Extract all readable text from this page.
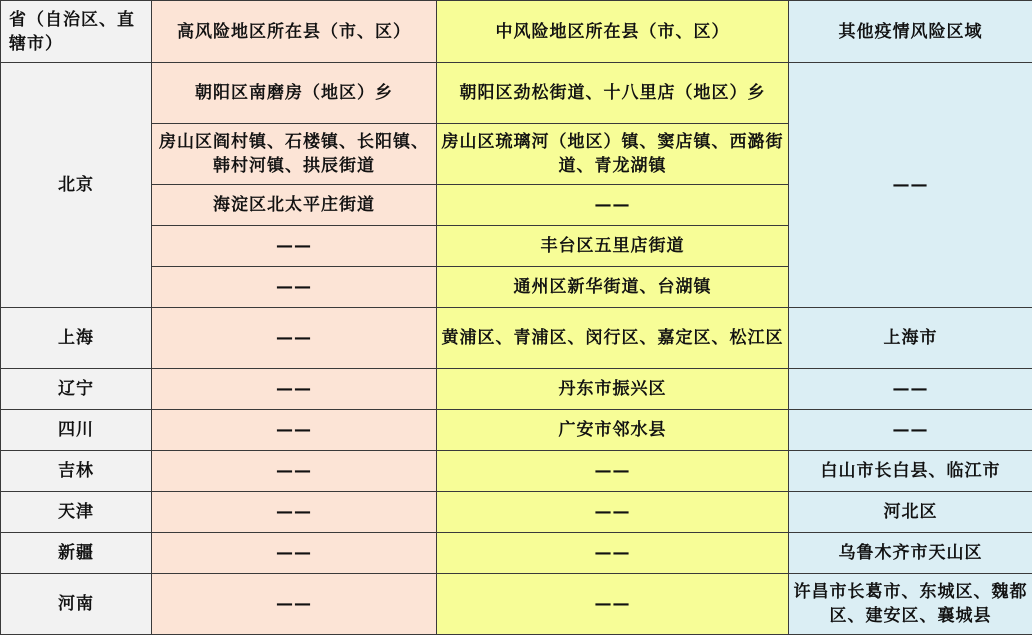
省（自治区、直辖市）	高风险地区所在县（市、区）	中风险地区所在县（市、区）	其他疫情风险区域
北京	朝阳区南磨房（地区）乡	朝阳区劲松街道、十八里店（地区）乡	——
	房山区阎村镇、石楼镇、长阳镇、韩村河镇、拱辰街道	房山区琉璃河（地区）镇、窦店镇、西潞街道、青龙湖镇	
	海淀区北太平庄街道	——	
	——	丰台区五里店街道	
	——	通州区新华街道、台湖镇	
上海	——	黄浦区、青浦区、闵行区、嘉定区、松江区	上海市
辽宁	——	丹东市振兴区	——
四川	——	广安市邻水县	——
吉林	——	——	白山市长白县、临江市
天津	——	——	河北区
新疆	——	——	乌鲁木齐市天山区
河南	——	——	许昌市长葛市、东城区、魏都区、建安区、襄城县
